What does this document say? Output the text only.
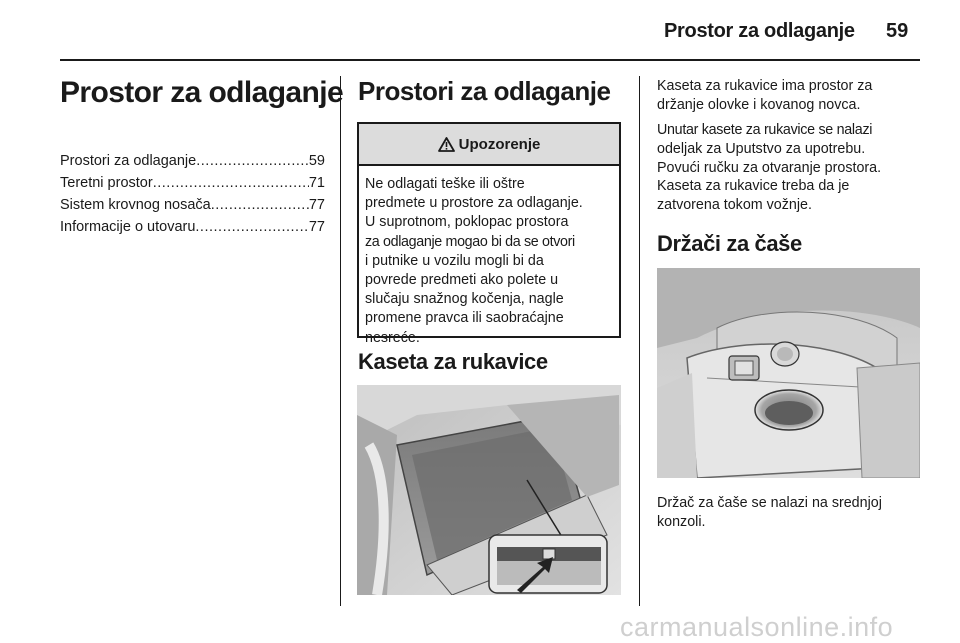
Prostor za odlaganje 59
Prostor za odlaganje
Prostori za odlaganje .....	59
Teretni prostor .....	71
Sistem krovnog nosača .....	77
Informacije o utovaru .....	77
Prostori za odlaganje
Upozorenje
Ne odlagati teške ili oštre
predmete u prostore za odlaganje.
U suprotnom, poklopac prostora
za odlaganje mogao bi da se otvori
i putnike u vozilu mogli bi da
povrede predmeti ako polete u
slučaju snažnog kočenja, nagle
promene pravca ili saobraćajne
nesreće.
Kaseta za rukavice
Kaseta za rukavice ima prostor za
držanje olovke i kovanog novca.
Unutar kasete za rukavice se nalazi
odeljak za Uputstvo za upotrebu.
Povući ručku za otvaranje prostora.
Kaseta za rukavice treba da je
zatvorena tokom vožnje.
Držači za čaše
Držač za čaše se nalazi na srednjoj
konzoli.
carmanualsonline.info
